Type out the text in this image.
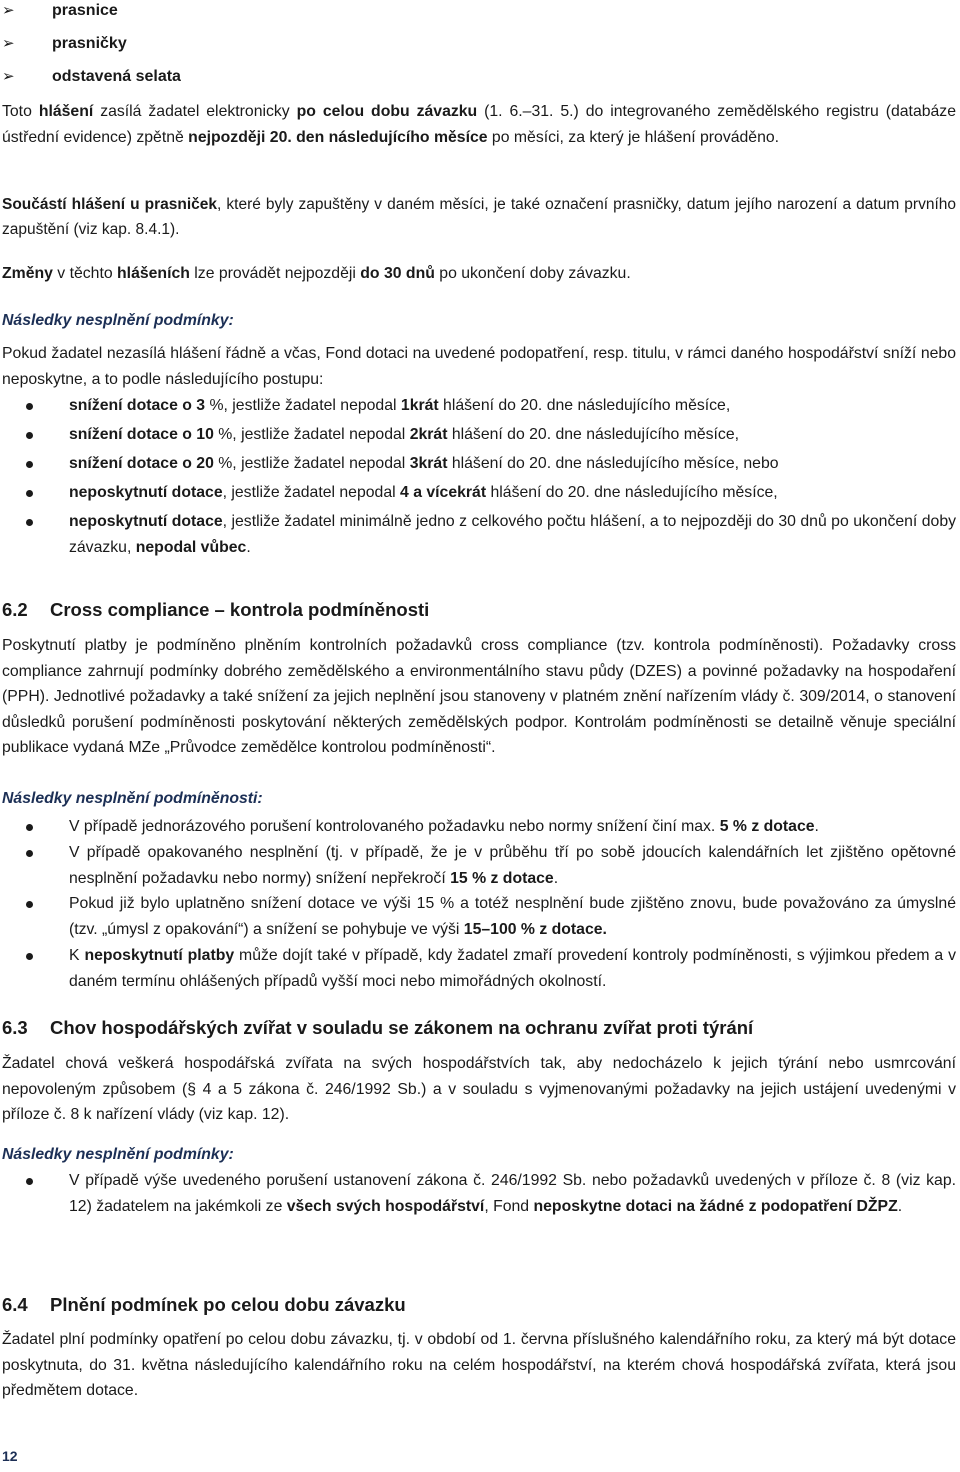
➢ prasnice
➢ prasničky
➢ odstavená selata

Toto hlášení zasílá žadatel elektronicky po celou dobu závazku (1. 6.–31. 5.) do integrovaného zemědělského registru (databáze ústřední evidence) zpětně nejpozději 20. den následujícího měsíce po měsíci, za který je hlášení prováděno.

Součástí hlášení u prasniček, které byly zapuštěny v daném měsíci, je také označení prasničky, datum jejího narození a datum prvního zapuštění (viz kap. 8.4.1).

Změny v těchto hlášeních lze provádět nejpozději do 30 dnů po ukončení doby závazku.

Následky nesplnění podmínky:

Pokud žadatel nezasílá hlášení řádně a včas, Fond dotaci na uvedené podopatření, resp. titulu, v rámci daného hospodářství sníží nebo neposkytne, a to podle následujícího postupu:

snížení dotace o 3 %, jestliže žadatel nepodal 1krát hlášení do 20. dne následujícího měsíce,
snížení dotace o 10 %, jestliže žadatel nepodal 2krát hlášení do 20. dne následujícího měsíce,
snížení dotace o 20 %, jestliže žadatel nepodal 3krát hlášení do 20. dne následujícího měsíce, nebo
neposkytnutí dotace, jestliže žadatel nepodal 4 a vícekrát hlášení do 20. dne následujícího měsíce,
neposkytnutí dotace, jestliže žadatel minimálně jedno z celkového počtu hlášení, a to nejpozději do 30 dnů po ukončení doby závazku, nepodal vůbec.

6.2 Cross compliance – kontrola podmíněnosti

Poskytnutí platby je podmíněno plněním kontrolních požadavků cross compliance (tzv. kontrola podmíněnosti). Požadavky cross compliance zahrnují podmínky dobrého zemědělského a environmentálního stavu půdy (DZES) a povinné požadavky na hospodaření (PPH). Jednotlivé požadavky a také snížení za jejich neplnění jsou stanoveny v platném znění nařízením vlády č. 309/2014, o stanovení důsledků porušení podmíněnosti poskytování některých zemědělských podpor. Kontrolám podmíněnosti se detailně věnuje speciální publikace vydaná MZe „Průvodce zemědělce kontrolou podmíněnosti“.

Následky nesplnění podmíněnosti:

V případě jednorázového porušení kontrolovaného požadavku nebo normy snížení činí max. 5 % z dotace.
V případě opakovaného nesplnění (tj. v případě, že je v průběhu tří po sobě jdoucích kalendářních let zjištěno opětovné nesplnění požadavku nebo normy) snížení nepřekročí 15 % z dotace.
Pokud již bylo uplatněno snížení dotace ve výši 15 % a totéž nesplnění bude zjištěno znovu, bude považováno za úmyslné (tzv. „úmysl z opakování“) a snížení se pohybuje ve výši 15–100 % z dotace.
K neposkytnutí platby může dojít také v případě, kdy žadatel zmaří provedení kontroly podmíněnosti, s výjimkou předem a v daném termínu ohlášených případů vyšší moci nebo mimořádných okolností.

6.3 Chov hospodářských zvířat v souladu se zákonem na ochranu zvířat proti týrání

Žadatel chová veškerá hospodářská zvířata na svých hospodářstvích tak, aby nedocházelo k jejich týrání nebo usmrcování nepovoleným způsobem (§ 4 a 5 zákona č. 246/1992 Sb.) a v souladu s vyjmenovanými požadavky na jejich ustájení uvedenými v příloze č. 8 k nařízení vlády (viz kap. 12).

Následky nesplnění podmínky:

V případě výše uvedeného porušení ustanovení zákona č. 246/1992 Sb. nebo požadavků uvedených v příloze č. 8 (viz kap. 12) žadatelem na jakémkoli ze všech svých hospodářství, Fond neposkytne dotaci na žádné z podopatření DŽPZ.

6.4 Plnění podmínek po celou dobu závazku

Žadatel plní podmínky opatření po celou dobu závazku, tj. v období od 1. června příslušného kalendářního roku, za který má být dotace poskytnuta, do 31. května následujícího kalendářního roku na celém hospodářství, na kterém chová hospodářská zvířata, která jsou předmětem dotace.

12
